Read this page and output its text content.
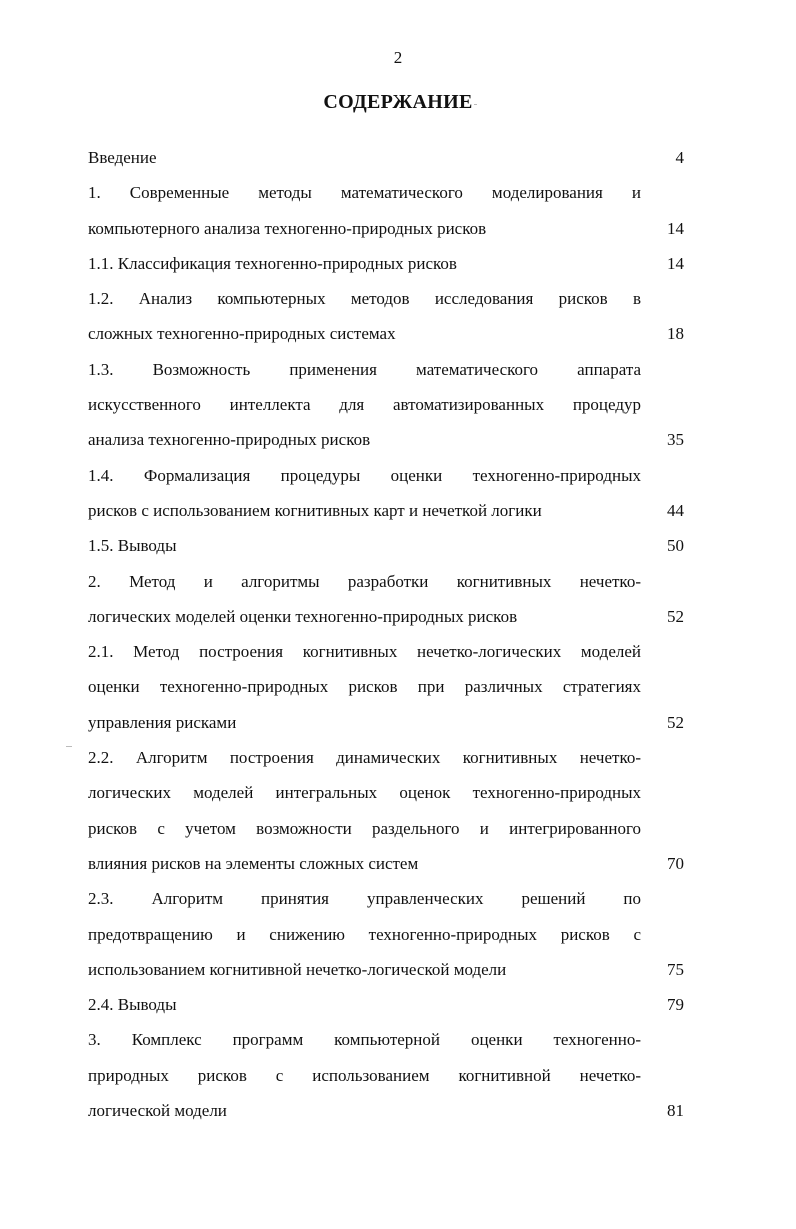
2
СОДЕРЖАНИЕ
Введение	4
1. Современные методы математического моделирования и
компьютерного анализа техногенно-природных рисков	14
1.1. Классификация техногенно-природных рисков	14
1.2. Анализ компьютерных методов исследования рисков в
сложных техногенно-природных системах	18
1.3. Возможность применения математического аппарата
искусственного интеллекта для автоматизированных процедур
анализа техногенно-природных рисков	35
1.4. Формализация процедуры оценки техногенно-природных
рисков с использованием когнитивных карт и нечеткой логики	44
1.5. Выводы	50
2. Метод и алгоритмы разработки когнитивных нечетко-
логических моделей оценки техногенно-природных рисков	52
2.1. Метод построения когнитивных нечетко-логических моделей
оценки техногенно-природных рисков при различных стратегиях
управления рисками	52
2.2. Алгоритм построения динамических когнитивных нечетко-
логических моделей интегральных оценок техногенно-природных
рисков с учетом возможности раздельного и интегрированного
влияния рисков на элементы сложных систем	70
2.3. Алгоритм принятия управленческих решений по
предотвращению и снижению техногенно-природных рисков с
использованием когнитивной нечетко-логической модели	75
2.4. Выводы	79
3. Комплекс программ компьютерной оценки техногенно-
природных рисков с использованием когнитивной нечетко-
логической модели	81
